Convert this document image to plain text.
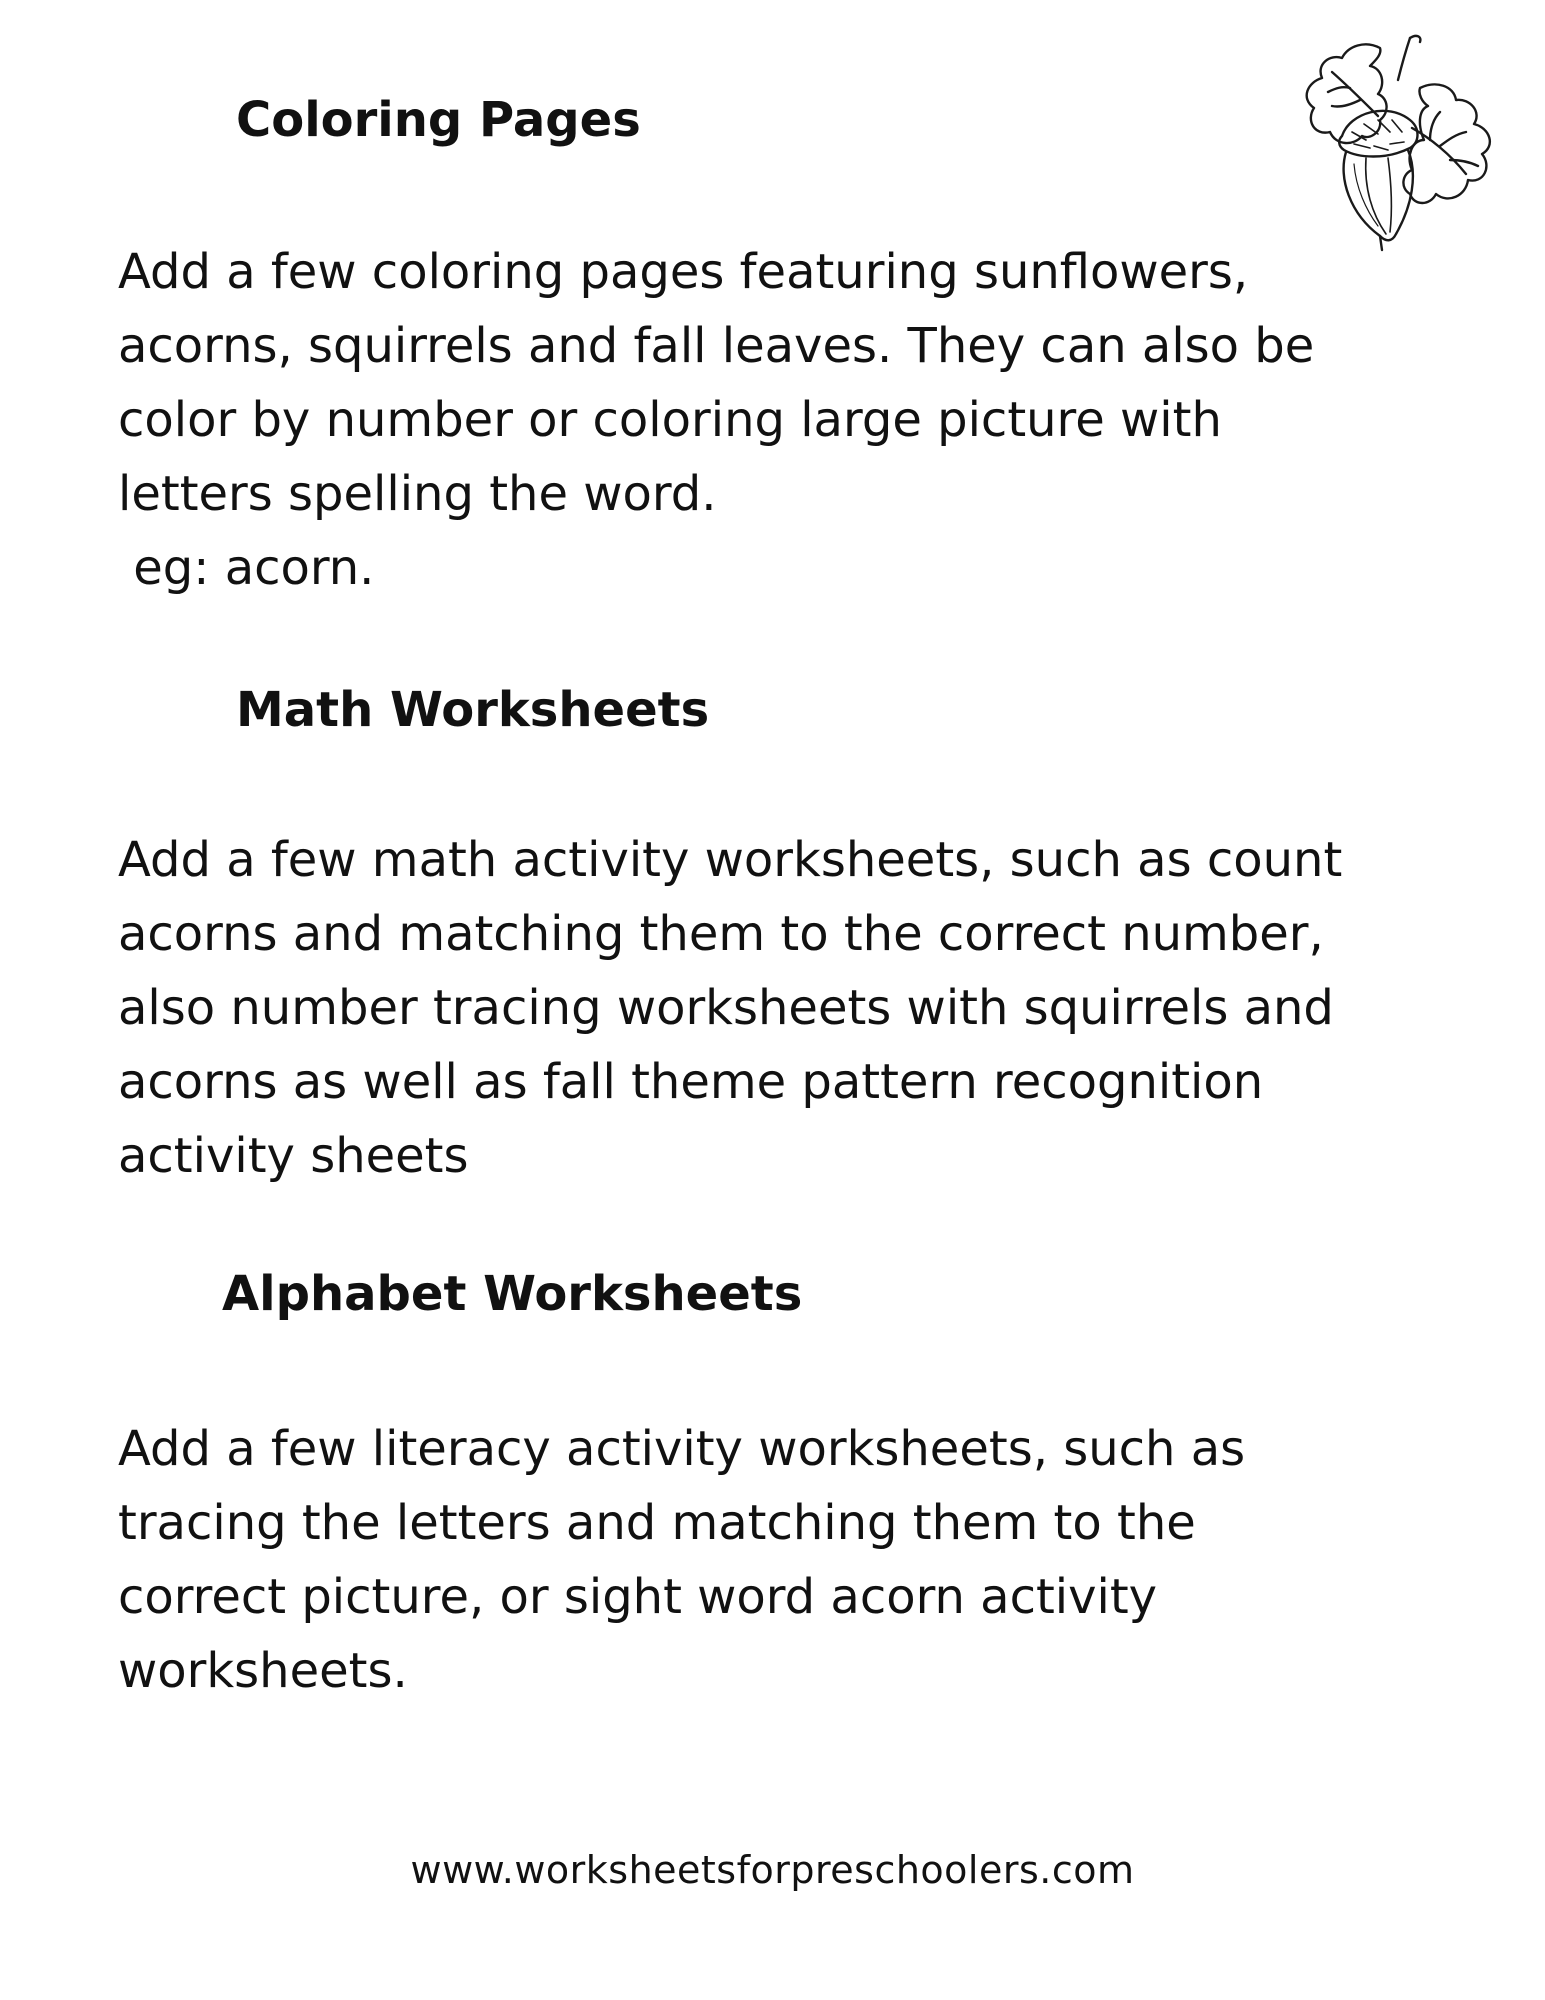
Coloring Pages
Add a few coloring pages featuring sunflowers,
acorns, squirrels and fall leaves. They can also be
color by number or coloring large picture with
letters spelling the word.
eg: acorn.
Math Worksheets
Add a few math activity worksheets, such as count
acorns and matching them to the correct number,
also number tracing worksheets with squirrels and
acorns as well as fall theme pattern recognition
activity sheets
Alphabet Worksheets
Add a few literacy activity worksheets, such as
tracing the letters and matching them to the
correct picture, or sight word acorn activity
worksheets.
www.worksheetsforpreschoolers.com
